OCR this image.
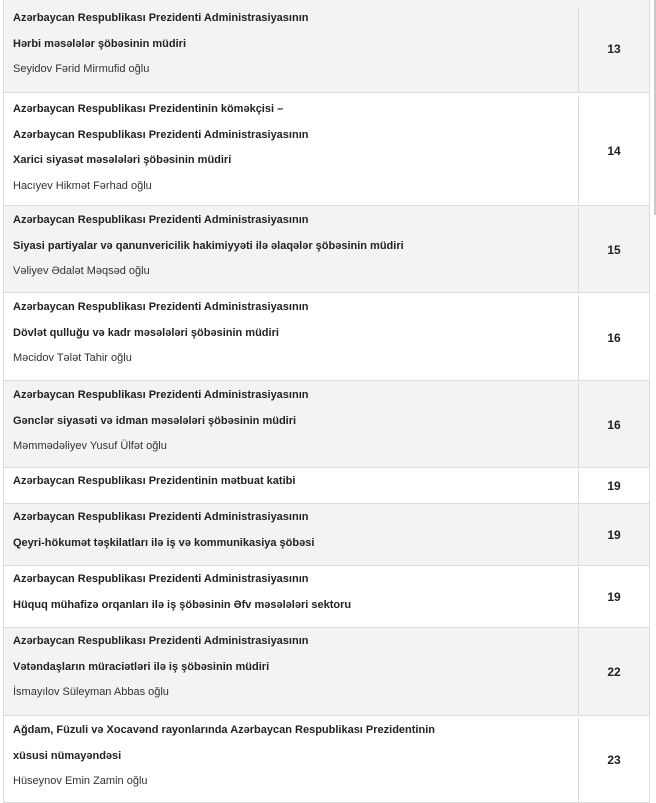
Azərbaycan Respublikası Prezidenti Administrasiyasının
Hərbi məsələlər şöbəsinin müdiri
Seyidov Fərid Mirmufid oğlu
13
Azərbaycan Respublikası Prezidentinin köməkçisi –
Azərbaycan Respublikası Prezidenti Administrasiyasının
Xarici siyasət məsələləri şöbəsinin müdiri
Hacıyev Hikmət Fərhad oğlu
14
Azərbaycan Respublikası Prezidenti Administrasiyasının
Siyasi partiyalar və qanunvericilik hakimiyyəti ilə əlaqələr şöbəsinin müdiri
Vəliyev Ədalət Məqsəd oğlu
15
Azərbaycan Respublikası Prezidenti Administrasiyasının
Dövlət qulluğu və kadr məsələləri şöbəsinin müdiri
Məcidov Tələt Tahir oğlu
16
Azərbaycan Respublikası Prezidenti Administrasiyasının
Gənclər siyasəti və idman məsələləri şöbəsinin müdiri
Məmmədəliyev Yusuf Ülfət oğlu
16
Azərbaycan Respublikası Prezidentinin mətbuat katibi	19
Azərbaycan Respublikası Prezidenti Administrasiyasının
Qeyri-hökumət təşkilatları ilə iş və kommunikasiya şöbəsi
19
Azərbaycan Respublikası Prezidenti Administrasiyasının
Hüquq mühafizə orqanları ilə iş şöbəsinin Əfv məsələləri sektoru
19
Azərbaycan Respublikası Prezidenti Administrasiyasının
Vətəndaşların müraciətləri ilə iş şöbəsinin müdiri
İsmayılov Süleyman Abbas oğlu
22
Ağdam, Füzuli və Xocavənd rayonlarında Azərbaycan Respublikası Prezidentinin
xüsusi nümayəndəsi
Hüseynov Emin Zamin oğlu
23
